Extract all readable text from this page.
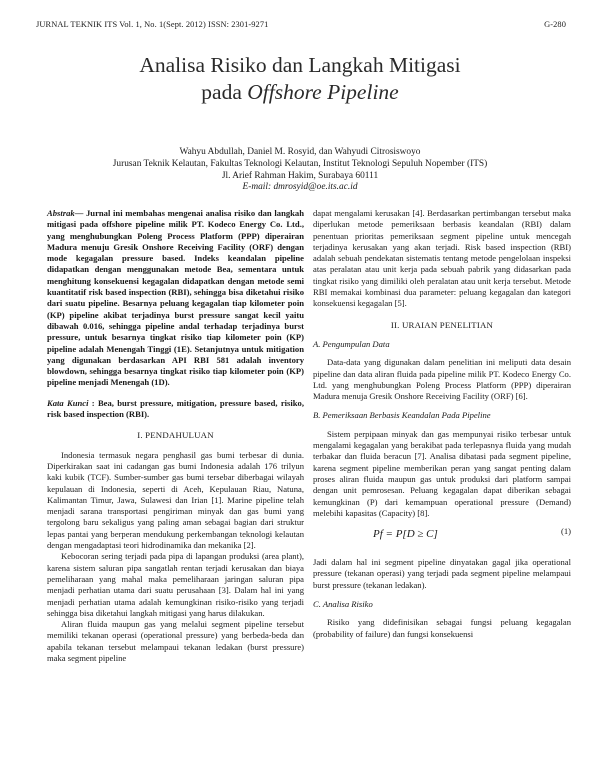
JURNAL TEKNIK ITS Vol. 1, No. 1(Sept. 2012) ISSN: 2301-9271	G-280
Analisa Risiko dan Langkah Mitigasi
pada Offshore Pipeline
Wahyu Abdullah, Daniel M. Rosyid, dan Wahyudi Citrosiswoyo
Jurusan Teknik Kelautan, Fakultas Teknologi Kelautan, Institut Teknologi Sepuluh Nopember (ITS)
Jl. Arief Rahman Hakim, Surabaya 60111
E-mail: dmrosyid@oe.its.ac.id

Abstrak— Jurnal ini membahas mengenai analisa risiko dan langkah mitigasi pada offshore pipeline milik PT. Kodeco Energy Co. Ltd., yang menghubungkan Poleng Process Platform (PPP) diperairan Madura menuju Gresik Onshore Receiving Facility (ORF) dengan mode kegagalan pressure based. Indeks keandalan pipeline didapatkan dengan menggunakan metode Bea, sementara untuk menghitung konsekuensi kegagalan didapatkan dengan metode semi kuantitatif risk based inspection (RBI), sehingga bisa diketahui risiko dari suatu pipeline. Besarnya peluang kegagalan tiap kilometer poin (KP) pipeline akibat terjadinya burst pressure sangat kecil yaitu dibawah 0.016, sehingga pipeline andal terhadap terjadinya burst pressure, untuk besarnya tingkat risiko tiap kilometer poin (KP) pipeline adalah Menengah Tinggi (1E). Setanjutnya untuk mitigation yang digunakan berdasarkan API RBI 581 adalah inventory blowdown, sehingga besarnya tingkat risiko tiap kilometer poin (KP) pipeline menjadi Menengah (1D).

Kata Kunci : Bea, burst pressure, mitigation, pressure based, risiko, risk based inspection (RBI).

I. PENDAHULUAN

Indonesia termasuk negara penghasil gas bumi terbesar di dunia. Diperkirakan saat ini cadangan gas bumi Indonesia adalah 176 trilyun kaki kubik (TCF). Sumber-sumber gas bumi tersebar diberbagai wilayah kepulauan di Indonesia, seperti di Aceh, Kepulauan Riau, Natuna, Kalimantan Timur, Jawa, Sulawesi dan Irian [1]. Marine pipeline telah menjadi sarana transportasi pengiriman minyak dan gas bumi yang tergolong baru sekaligus yang paling aman sebagai bagian dari struktur lepas pantai yang berperan mendukung perkembangan teknologi kelautan dengan mengadaptasi teori hidrodinamika dan mekanika [2].

Kebocoran sering terjadi pada pipa di lapangan produksi (area plant), karena sistem saluran pipa sangatlah rentan terjadi kerusakan dan biaya pemeliharaan yang mahal maka pemeliharaan jaringan saluran pipa menjadi perhatian utama dari suatu perusahaan [3]. Dalam hal ini yang menjadi perhatian utama adalah kemungkinan risiko-risiko yang terjadi sehingga bisa diketahui langkah mitigasi yang harus dilakukan.

Aliran fluida maupun gas yang melalui segment pipeline tersebut memiliki tekanan operasi (operational pressure) yang berbeda-beda dan apabila tekanan tersebut melampaui tekanan ledakan (burst pressure) maka segment pipeline

dapat mengalami kerusakan [4]. Berdasarkan pertimbangan tersebut maka diperlukan metode pemeriksaan berbasis keandalan (RBI) dalam penentuan prioritas pemeriksaan segment pipeline untuk mencegah terjadinya kerusakan yang akan terjadi. Risk based inspection (RBI) adalah sebuah pendekatan sistematis tentang metode pengelolaan inspeksi atas peralatan atau unit kerja pada sebuah pabrik yang didasarkan pada tingkat risiko yang dimiliki oleh peralatan atau unit kerja tersebut. Metode RBI memakai kombinasi dua parameter: peluang kegagalan dan kategori konsekuensi kegagalan [5].

II. URAIAN PENELITIAN
A. Pengumpulan Data

Data-data yang digunakan dalam penelitian ini meliputi data desain pipeline dan data aliran fluida pada pipeline milik PT. Kodeco Energy Co. Ltd. yang menghubungkan Poleng Process Platform (PPP) diperairan Madura menuja Gresik Onshore Receiving Facility (ORF) [6].

B. Pemeriksaan Berbasis Keandalan Pada Pipeline

Sistem perpipaan minyak dan gas mempunyai risiko terbesar untuk mengalami kegagalan yang berakibat pada terlepasnya fluida yang mudah terbakar dan fluida beracun [7]. Analisa dibatasi pada segment pipeline, karena segment pipeline memberikan peran yang sangat penting dalam proses aliran fluida maupun gas untuk produksi dari platform sampai dengan unit pemrosesan. Peluang kegagalan dapat diberikan sebagai kemungkinan (P) dari kemampuan operational pressure (Demand) melebihi kapasitas (Capacity) [8].

Pf = P[D ≥ C]	(1)

Jadi dalam hal ini segment pipeline dinyatakan gagal jika operational pressure (tekanan operasi) yang terjadi pada segment pipeline melampaui burst pressure (tekanan ledakan).

C. Analisa Risiko

Risiko yang didefinisikan sebagai fungsi peluang kegagalan (probability of failure) dan fungsi konsekuensi
